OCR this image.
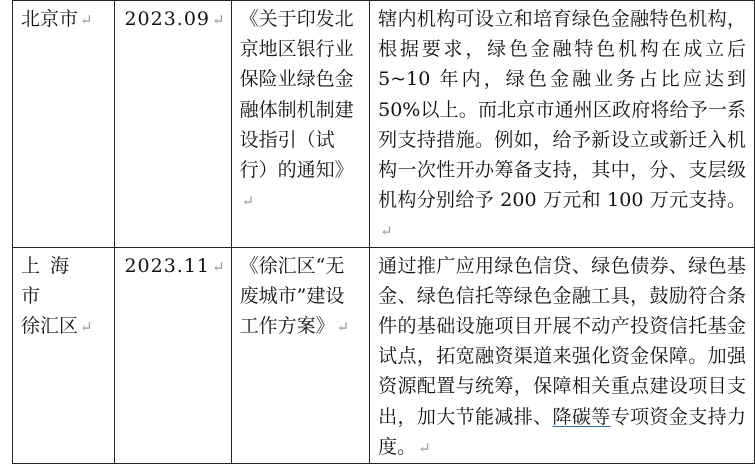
北京市 ↵	2023.09 ↵	《关于印发北京地区银行业保险业绿色金融体制机制建设指引（试行）的通知》↵	辖内机构可设立和培育绿色金融特色机构，根据要求，绿色金融特色机构在成立后 5~10 年内，绿色金融业务占比应达到 50%以上。而北京市通州区政府将给予一系列支持措施。例如，给予新设立或新迁入机构一次性开办筹备支持，其中，分、支层级机构分别给予 200 万元和 100 万元支持。↵

上海市
徐汇区 ↵	2023.11 ↵	《徐汇区“无废城市”建设工作方案》 ↵	通过推广应用绿色信贷、绿色债券、绿色基金、绿色信托等绿色金融工具，鼓励符合条件的基础设施项目开展不动产投资信托基金试点，拓宽融资渠道来强化资金保障。加强资源配置与统筹，保障相关重点建设项目支出，加大节能减排、降碳等专项资金支持力度。 ↵
